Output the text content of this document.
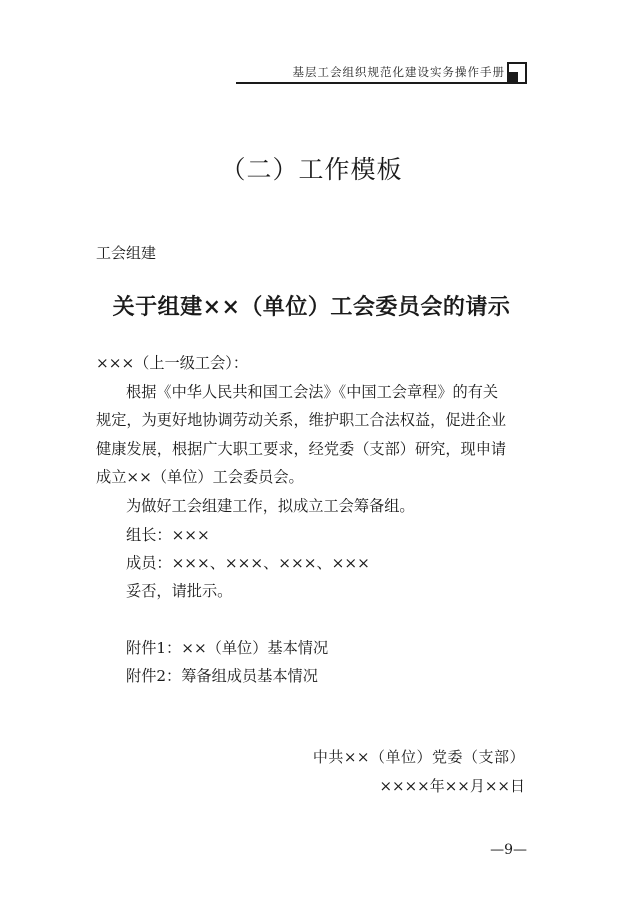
基层工会组织规范化建设实务操作手册
（二）工作模板
工会组建
关于组建××（单位）工会委员会的请示
×××（上一级工会）：
根据《中华人民共和国工会法》《中国工会章程》的有关
规定，为更好地协调劳动关系，维护职工合法权益，促进企业
健康发展，根据广大职工要求，经党委（支部）研究，现申请
成立××（单位）工会委员会。
为做好工会组建工作，拟成立工会筹备组。
组长：×××
成员：×××、×××、×××、×××
妥否，请批示。
附件1：××（单位）基本情况
附件2：筹备组成员基本情况
中共××（单位）党委（支部）
××××年××月××日
—9—
